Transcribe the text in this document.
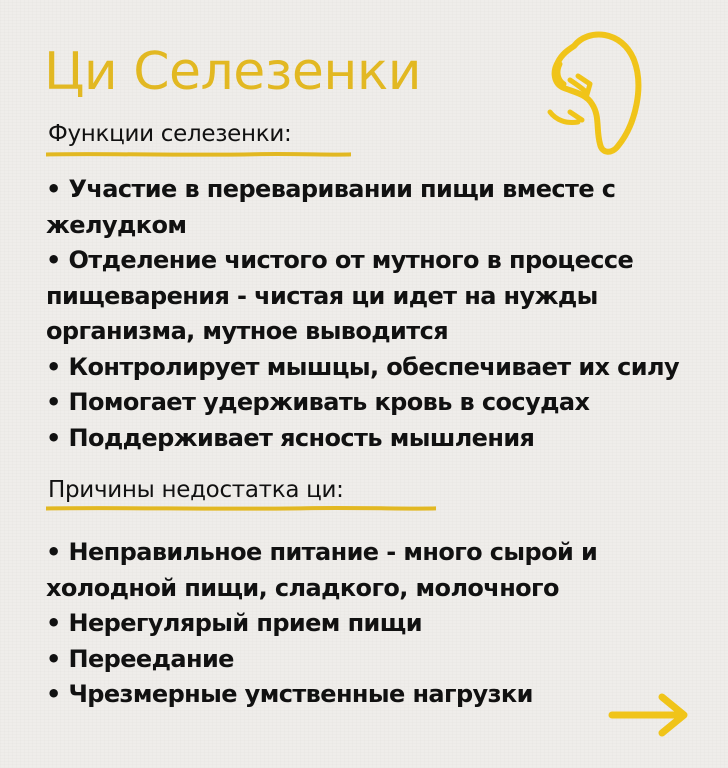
Ци Селезенки
Функции селезенки:
• Участие в переваривании пищи вместе с желудком
• Отделение чистого от мутного в процессе пищеварения - чистая ци идет на нужды организма, мутное выводится
• Контролирует мышцы, обеспечивает их силу
• Помогает удерживать кровь в сосудах
• Поддерживает ясность мышления
Причины недостатка ци:
• Неправильное питание - много сырой и холодной пищи, сладкого, молочного
• Нерегулярый прием пищи
• Переедание
• Чрезмерные умственные нагрузки
